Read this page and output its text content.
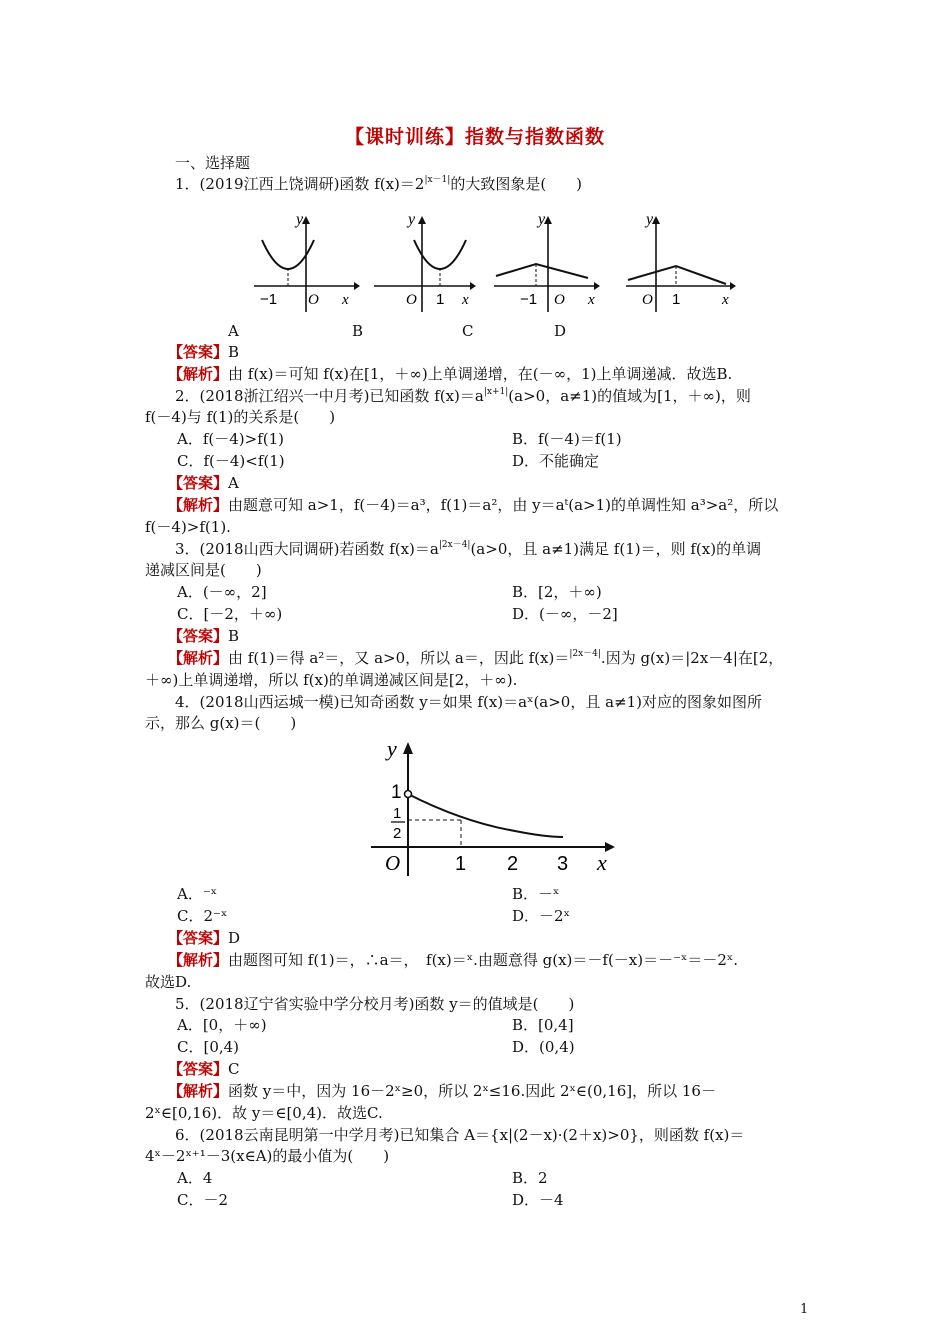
【课时训练】指数与指数函数
一、选择题
1．(2019江西上饶调研)函数 $f(x)=2^{|x-1|}$的大致图象是(　　)
y
−1 O x
y
O 1 x
y
−1 O x
y
O 1	x
A	B	C	D
【答案】B
【解析】由 f(x)＝可知 f(x)在[1，＋∞)上单调递增，在(－∞，1)上单调递减．故选B.
2．(2018浙江绍兴一中月考)已知函数 $f(x)=a^{|x+1|}(a>0$，a≠1)的值域为[1，＋∞)，则
f(－4)与 f(1)的关系是(　　)
A．f(－4)>f(1)	B．f(－4)＝f(1)
C．f(－4)<f(1)	D．不能确定
【答案】A
【解析】由题意可知 a>1，f(－4)＝a³，f(1)＝a²，由 y＝aᵗ(a>1)的单调性知 a³>a²，所以
f(－4)>f(1).
3．(2018山西大同调研)若函数 $f(x)=a^{|2x-4|}(a>0$，且 a≠1)满足 f(1)＝，则 f(x)的单调
递减区间是(　　)
A．(－∞，2]	B．[2，＋∞)
C．[－2，＋∞)	D．(－∞，－2]
【答案】B
【解析】由 f(1)＝得 a²＝，又 a>0，所以 a＝，因此 f(x)＝$^{|2x-4|}$.因为 g(x)＝|2x－4|在[2，
＋∞)上单调递增，所以 f(x)的单调递减区间是[2，＋∞).
4．(2018山西运城一模)已知奇函数 y＝如果 f(x)＝aˣ(a>0，且 a≠1)对应的图象如图所
示，那么 g(x)＝(　　)
y
1
1
2
O	1 2 3 x
A．⁻ˣ	B．－ˣ
C．2⁻ˣ	D．－2ˣ
【答案】D
【解析】由题图可知 f(1)＝，∴a＝，　f(x)＝ˣ.由题意得 g(x)＝－f(－x)＝－⁻ˣ＝－2ˣ.
故选D.
5．(2018辽宁省实验中学分校月考)函数 y＝的值域是(　　)
A．[0，＋∞)	B．[0,4]
C．[0,4)	D．(0,4)
【答案】C
【解析】函数 y＝中，因为 16－2ˣ≥0，所以 2ˣ≤16.因此 2ˣ∈(0,16]，所以 16－
2ˣ∈[0,16)．故 y＝∈[0,4)．故选C.
6．(2018云南昆明第一中学月考)已知集合 A＝{x|(2－x)·(2＋x)>0}，则函数 f(x)＝
4ˣ－2ˣ⁺¹－3(x∈A)的最小值为(　　)
A．4	B．2
C．－2	D．－4
1
